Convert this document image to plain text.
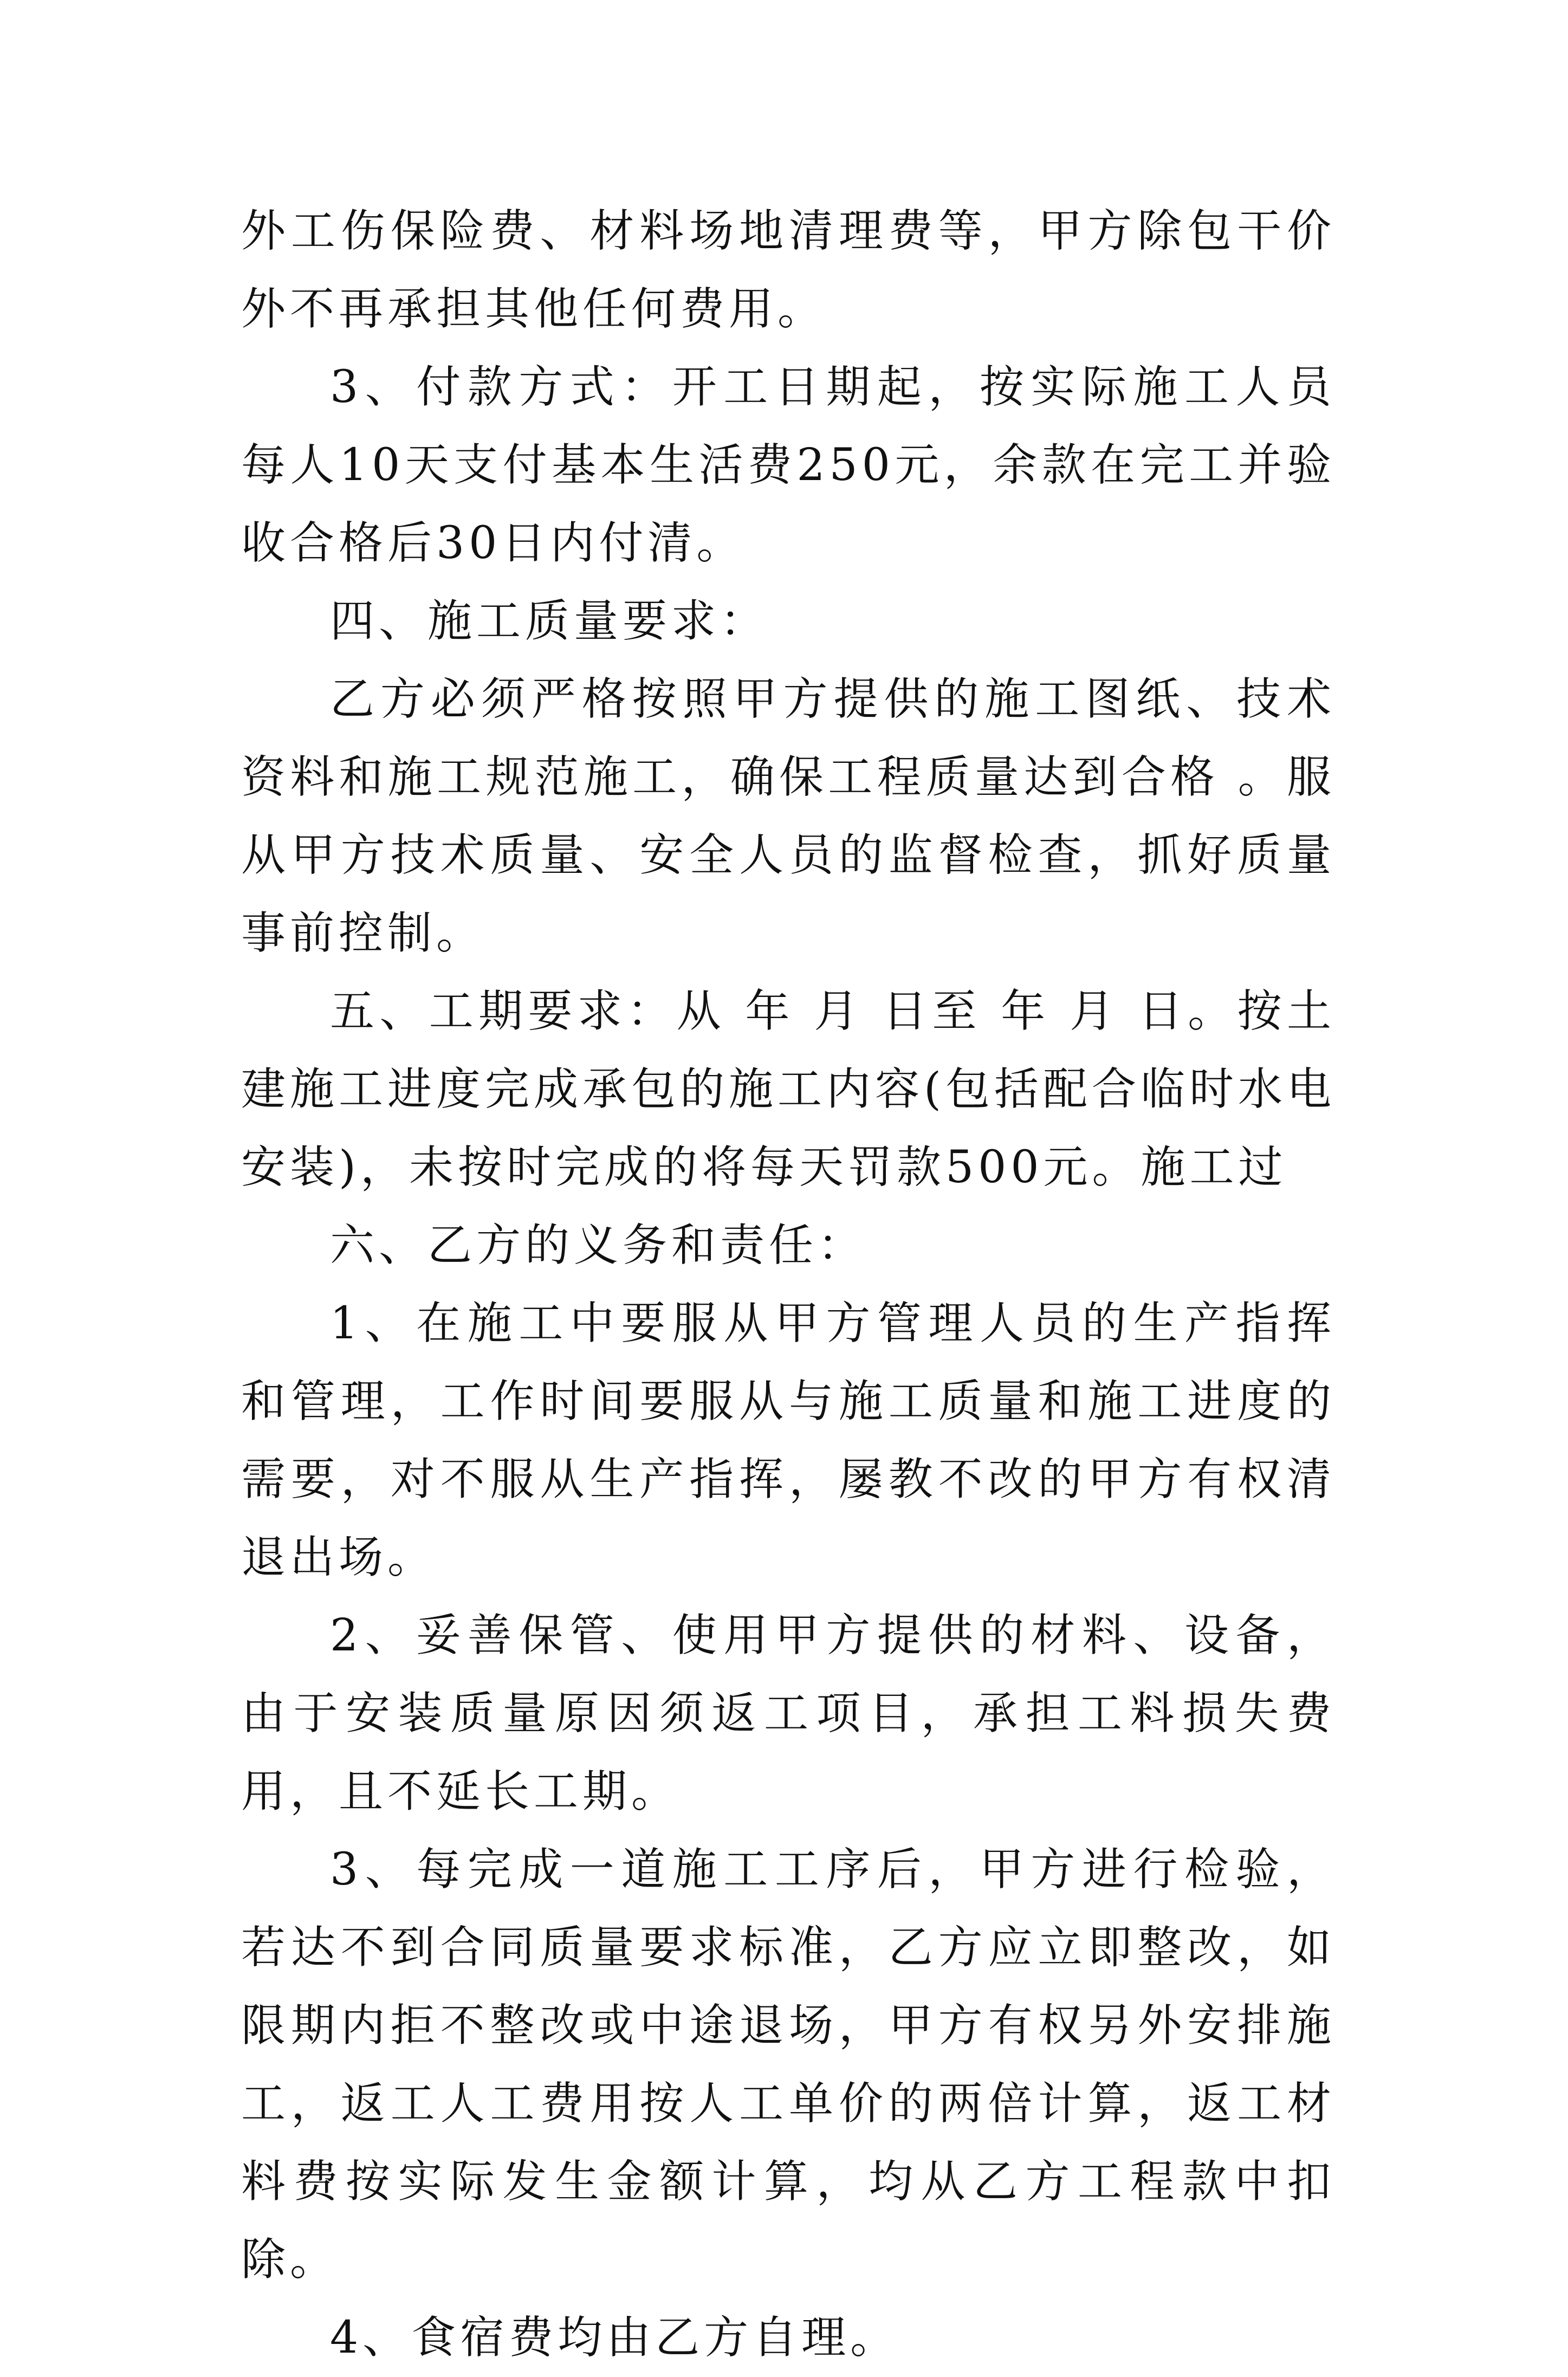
外工伤保险费、材料场地清理费等，甲方除包干价外不再承担其他任何费用。

3、付款方式：开工日期起，按实际施工人员每人10天支付基本生活费250元，余款在完工并验收合格后30日内付清。

四、施工质量要求：

乙方必须严格按照甲方提供的施工图纸、技术资料和施工规范施工，确保工程质量达到合格 。服从甲方技术质量、安全人员的监督检查，抓好质量事前控制。

五、工期要求：从 年 月 日至 年 月 日。按土建施工进度完成承包的施工内容(包括配合临时水电安装)，未按时完成的将每天罚款500元。施工过

六、乙方的义务和责任：

1、在施工中要服从甲方管理人员的生产指挥和管理，工作时间要服从与施工质量和施工进度的需要，对不服从生产指挥，屡教不改的甲方有权清退出场。

2、妥善保管、使用甲方提供的材料、设备，由于安装质量原因须返工项目，承担工料损失费用，且不延长工期。

3、每完成一道施工工序后，甲方进行检验，若达不到合同质量要求标准，乙方应立即整改，如限期内拒不整改或中途退场，甲方有权另外安排施工，返工人工费用按人工单价的两倍计算，返工材料费按实际发生金额计算，均从乙方工程款中扣除。

4、食宿费均由乙方自理。
